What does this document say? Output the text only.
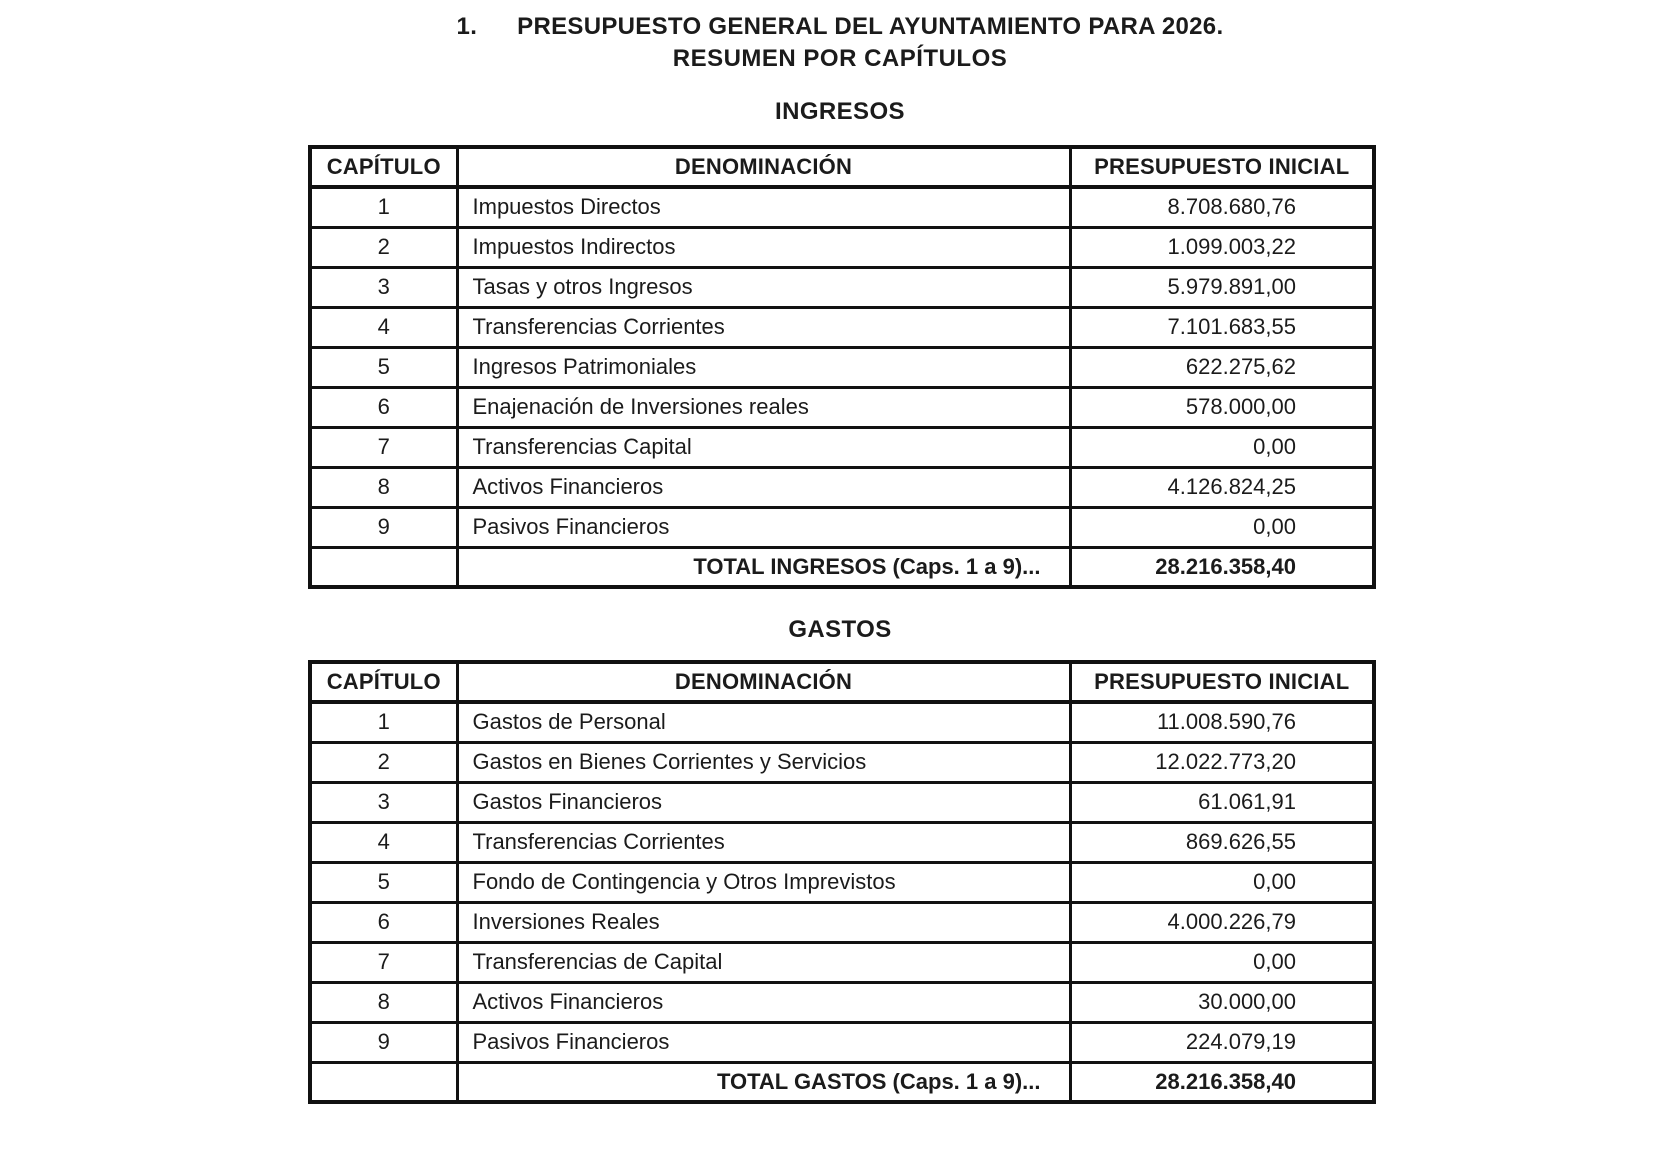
1. PRESUPUESTO GENERAL DEL AYUNTAMIENTO PARA 2026.
RESUMEN POR CAPÍTULOS
INGRESOS
CAPÍTULO	DENOMINACIÓN	PRESUPUESTO INICIAL
1	Impuestos Directos	8.708.680,76
2	Impuestos Indirectos	1.099.003,22
3	Tasas y otros Ingresos	5.979.891,00
4	Transferencias Corrientes	7.101.683,55
5	Ingresos Patrimoniales	622.275,62
6	Enajenación de Inversiones reales	578.000,00
7	Transferencias Capital	0,00
8	Activos Financieros	4.126.824,25
9	Pasivos Financieros	0,00
	TOTAL INGRESOS (Caps. 1 a 9)...	28.216.358,40
GASTOS
CAPÍTULO	DENOMINACIÓN	PRESUPUESTO INICIAL
1	Gastos de Personal	11.008.590,76
2	Gastos en Bienes Corrientes y Servicios	12.022.773,20
3	Gastos Financieros	61.061,91
4	Transferencias Corrientes	869.626,55
5	Fondo de Contingencia y Otros Imprevistos	0,00
6	Inversiones Reales	4.000.226,79
7	Transferencias de Capital	0,00
8	Activos Financieros	30.000,00
9	Pasivos Financieros	224.079,19
	TOTAL GASTOS (Caps. 1 a 9)...	28.216.358,40
